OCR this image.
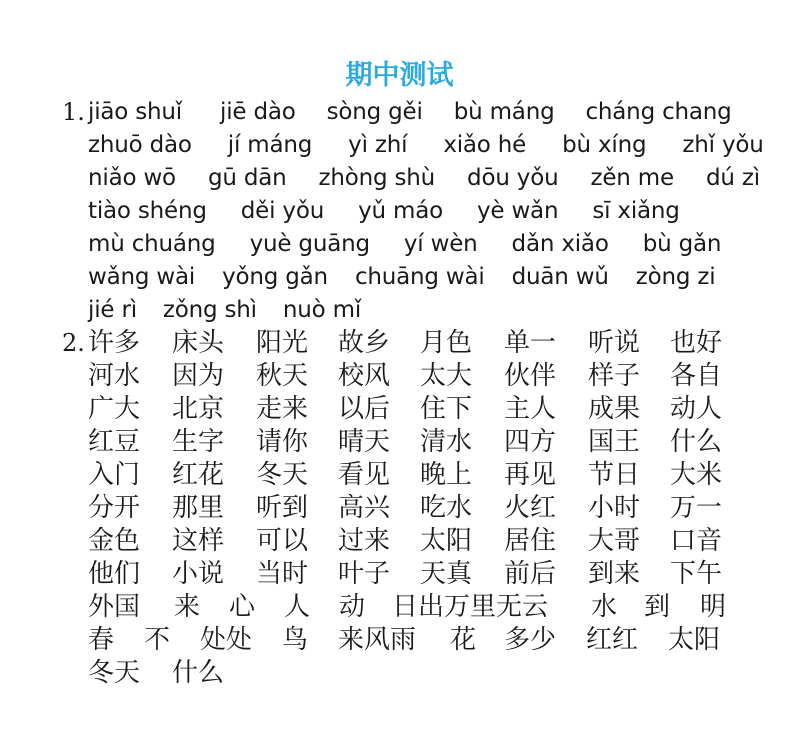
期中测试
1. jiāo shuǐ jiē dào sòng gěi bù máng cháng chang
zhuō dào jí máng yì zhí xiǎo hé bù xíng zhǐ yǒu
niǎo wō gū dān zhòng shù dōu yǒu zěn me dú zì
tiào shéng děi yǒu yǔ máo yè wǎn sī xiǎng
mù chuáng yuè guāng yí wèn dǎn xiǎo bù gǎn
wǎng wài yǒng gǎn chuāng wài duān wǔ zòng zi
jié rì zǒng shì nuò mǐ
2. 许多 床头 阳光 故乡 月色 单一 听说 也好
河水 因为 秋天 校风 太大 伙伴 样子 各自
广大 北京 走来 以后 住下 主人 成果 动人
红豆 生字 请你 晴天 清水 四方 国王 什么
入门 红花 冬天 看见 晚上 再见 节日 大米
分开 那里 听到 高兴 吃水 火红 小时 万一
金色 这样 可以 过来 太阳 居住 大哥 口音
他们 小说 当时 叶子 天真 前后 到来 下午
外国 来 心 人 动 日出万里无云 水 到 明
春 不 处处 鸟 来风雨 花 多少 红红 太阳
冬天 什么
